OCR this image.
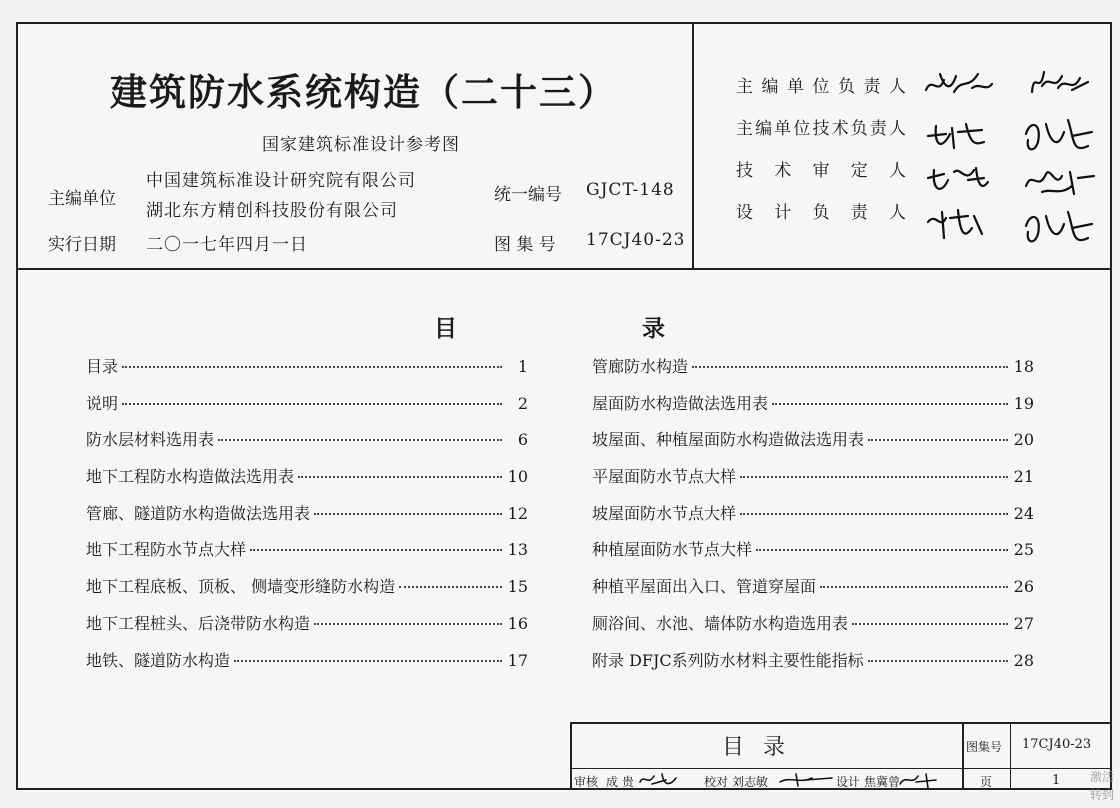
建筑防水系统构造（二十三）
国家建筑标准设计参考图
主编单位
中国建筑标准设计研究院有限公司
湖北东方精创科技股份有限公司
统一编号 GJCT-148
实行日期 二〇一七年四月一日	图 集 号 17CJ40-23
主编单位负责人
主编单位技术负责人
技术审定人
设计负责人
目	录
目录	1
说明	2
防水层材料选用表	6
地下工程防水构造做法选用表	10
管廊、隧道防水构造做法选用表	12
地下工程防水节点大样	13
地下工程底板、顶板、 侧墙变形缝防水构造	15
地下工程桩头、后浇带防水构造	16
地铁、隧道防水构造	17
管廊防水构造	18
屋面防水构造做法选用表	19
坡屋面、种植屋面防水构造做法选用表	20
平屋面防水节点大样	21
坡屋面防水节点大样	24
种植屋面防水节点大样	25
种植平屋面出入口、管道穿屋面	26
厕浴间、水池、墙体防水构造选用表	27
附录 DFJC系列防水材料主要性能指标	28
目 录	图集号 17CJ40-23
审核 成 贵	校对 刘志敏	设计 焦冀曾	页	1 激活 转到
